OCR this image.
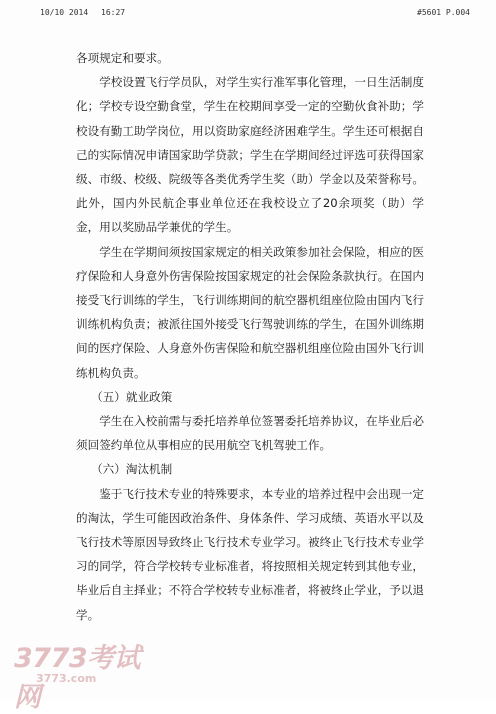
10/10 2014 16:27	#5601 P.004

各项规定和要求。

学校设置飞行学员队，对学生实行准军事化管理，一日生活制度化；学校专设空勤食堂，学生在校期间享受一定的空勤伙食补助；学校设有勤工助学岗位，用以资助家庭经济困难学生。学生还可根据自己的实际情况申请国家助学贷款；学生在学期间经过评选可获得国家级、市级、校级、院级等各类优秀学生奖（助）学金以及荣誉称号。此外，国内外民航企事业单位还在我校设立了20余项奖（助）学金，用以奖励品学兼优的学生。

学生在学期间须按国家规定的相关政策参加社会保险，相应的医疗保险和人身意外伤害保险按国家规定的社会保险条款执行。在国内接受飞行训练的学生，飞行训练期间的航空器机组座位险由国内飞行训练机构负责；被派往国外接受飞行驾驶训练的学生，在国外训练期间的医疗保险、人身意外伤害保险和航空器机组座位险由国外飞行训练机构负责。

（五）就业政策

学生在入校前需与委托培养单位签署委托培养协议，在毕业后必须回签约单位从事相应的民用航空飞机驾驶工作。

（六）淘汰机制

鉴于飞行技术专业的特殊要求，本专业的培养过程中会出现一定的淘汰，学生可能因政治条件、身体条件、学习成绩、英语水平以及飞行技术等原因导致终止飞行技术专业学习。被终止飞行技术专业学习的同学，符合学校转专业标准者，将按照相关规定转到其他专业，毕业后自主择业；不符合学校转专业标准者，将被终止学业，予以退学。

3773考试网
3773.com
